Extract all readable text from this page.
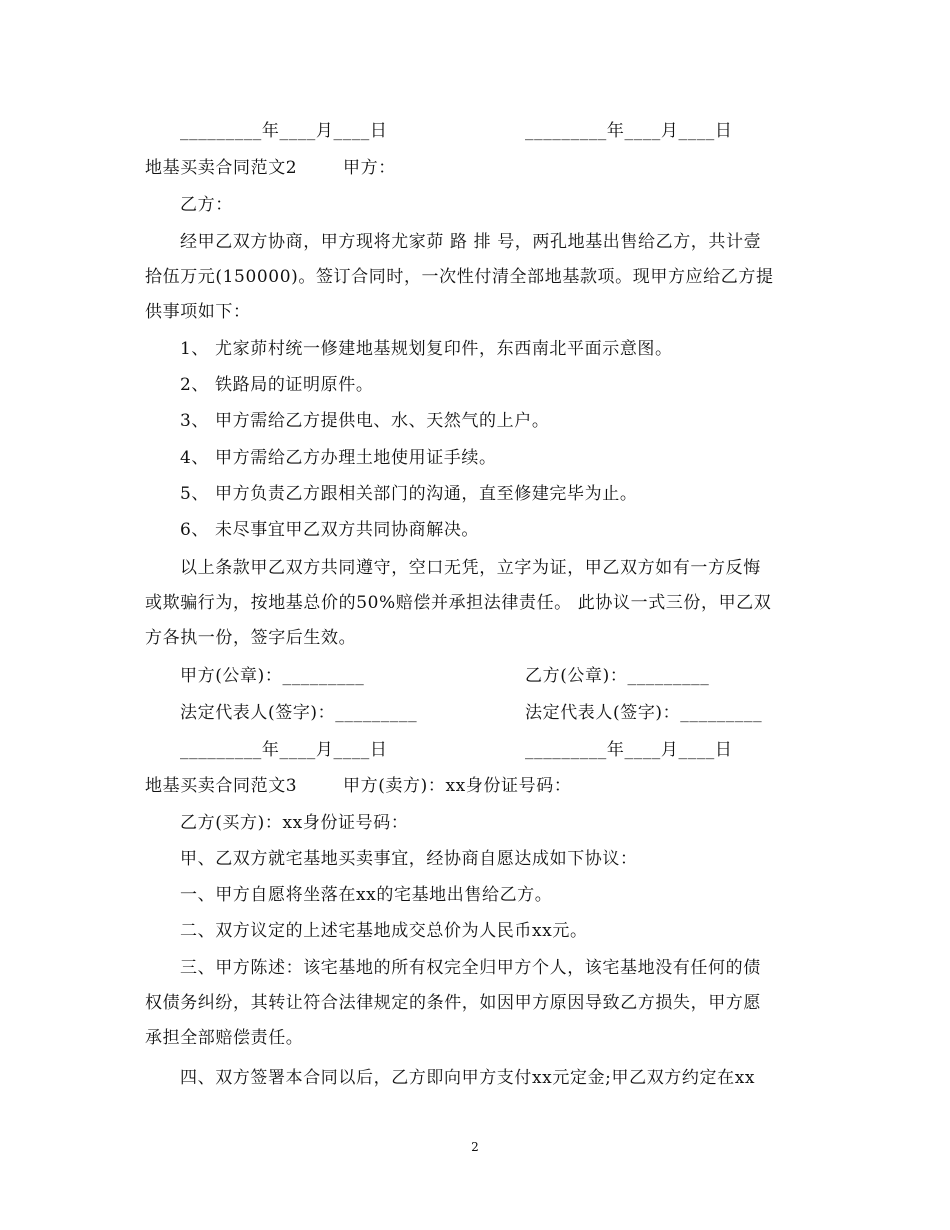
_________年____月____日	_________年____月____日
地基买卖合同范文2	甲方：
乙方：
经甲乙双方协商，甲方现将尤家茆 路 排 号，两孔地基出售给乙方，共计壹
拾伍万元(150000)。签订合同时，一次性付清全部地基款项。现甲方应给乙方提
供事项如下：
1、 尤家茆村统一修建地基规划复印件，东西南北平面示意图。
2、 铁路局的证明原件。
3、 甲方需给乙方提供电、水、天然气的上户。
4、 甲方需给乙方办理土地使用证手续。
5、 甲方负责乙方跟相关部门的沟通，直至修建完毕为止。
6、 未尽事宜甲乙双方共同协商解决。
以上条款甲乙双方共同遵守，空口无凭，立字为证，甲乙双方如有一方反悔
或欺骗行为，按地基总价的50%赔偿并承担法律责任。 此协议一式三份，甲乙双
方各执一份，签字后生效。
甲方(公章)：_________	乙方(公章)：_________
法定代表人(签字)：_________	法定代表人(签字)：_________
_________年____月____日	_________年____月____日
地基买卖合同范文3	甲方(卖方)：xx身份证号码：
乙方(买方)：xx身份证号码：
甲、乙双方就宅基地买卖事宜，经协商自愿达成如下协议：
一、甲方自愿将坐落在xx的宅基地出售给乙方。
二、双方议定的上述宅基地成交总价为人民币xx元。
三、甲方陈述：该宅基地的所有权完全归甲方个人，该宅基地没有任何的债
权债务纠纷，其转让符合法律规定的条件，如因甲方原因导致乙方损失，甲方愿
承担全部赔偿责任。
四、双方签署本合同以后，乙方即向甲方支付xx元定金;甲乙双方约定在xx
2
